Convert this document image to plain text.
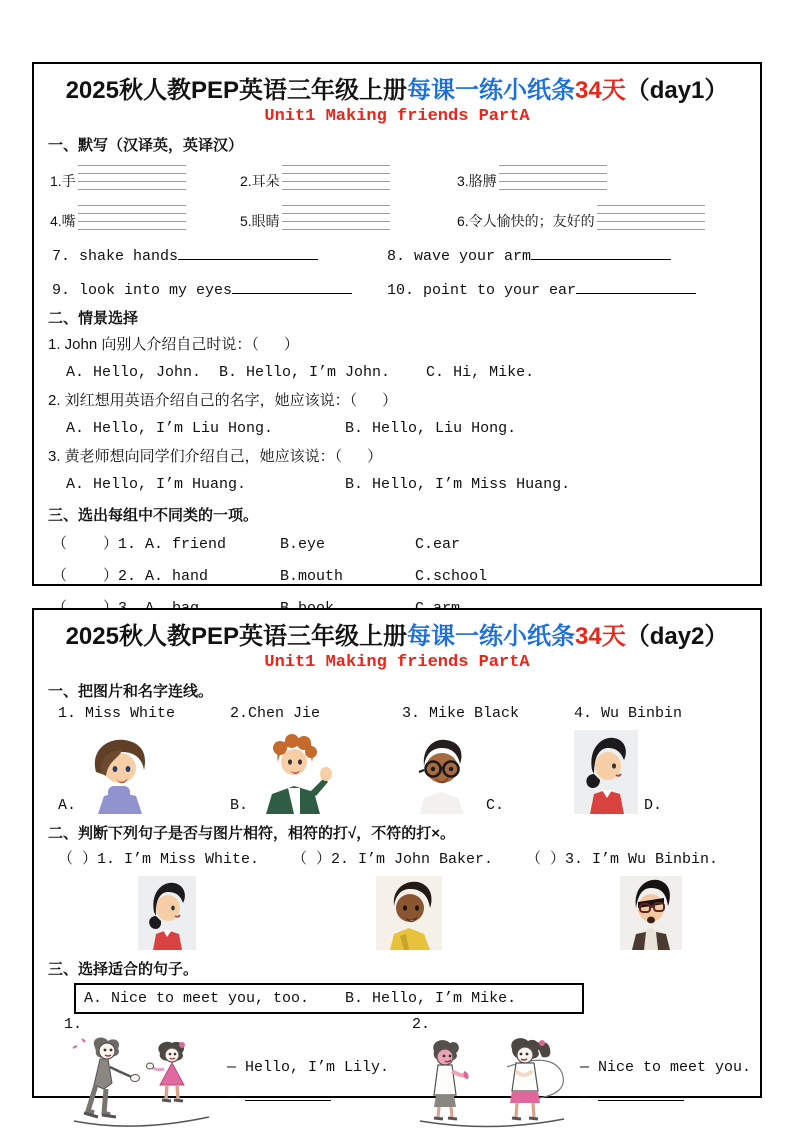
2025秋人教PEP英语三年级上册每课一练小纸条34天（day1）
Unit1 Making friends PartA
一、默写（汉译英，英译汉）
1.手	2.耳朵	3.胳膊
4.嘴	5.眼睛	6.令人愉快的；友好的
7. shake hands	8. wave your arm
9. look into my eyes	10. point to your ear
二、情景选择
1. John 向别人介绍自己时说：（      ）
A. Hello, John.  B. Hello, I’m John.    C. Hi, Mike.
2. 刘红想用英语介绍自己的名字，她应该说：（      ）
A. Hello, I’m Liu Hong.        B. Hello, Liu Hong.
3. 黄老师想向同学们介绍自己，她应该说：（      ）
A. Hello, I’m Huang.           B. Hello, I’m Miss Huang.
三、选出每组中不同类的一项。
（    ）1. A. friend      B.eye          C.ear
（    ）2. A. hand        B.mouth        C.school
2025秋人教PEP英语三年级上册每课一练小纸条34天（day2）
Unit1 Making friends PartA
一、把图片和名字连线。
1. Miss White	2.Chen Jie	3. Mike Black	4. Wu Binbin
A.	B.	C.	D.
二、判断下列句子是否与图片相符，相符的打√，不符的打×。
（ ）1. I’m Miss White.	（ ）2. I’m John Baker.	（ ）3. I’m Wu Binbin.
三、选择适合的句子。
A. Nice to meet you, too.    B. Hello, I’m Mike.
1.
— Hello, I’m Lily.
—
2.
— Nice to meet you.
—
